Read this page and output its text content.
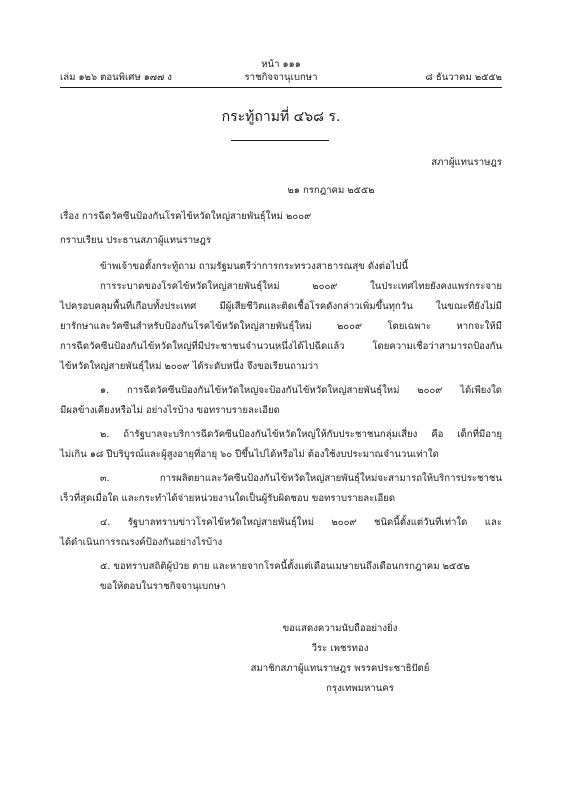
หน้า ๑๑๑
เล่ม ๑๒๖ ตอนพิเศษ ๑๗๗ ง	ราชกิจจานุเบกษา	๘ ธันวาคม ๒๕๕๒
กระทู้ถามที่ ๔๖๘ ร.
สภาผู้แทนราษฎร
๒๑ กรกฎาคม ๒๕๕๒
เรื่อง การฉีดวัคซีนป้องกันโรคไข้หวัดใหญ่สายพันธุ์ใหม่ ๒๐๐๙
กราบเรียน ประธานสภาผู้แทนราษฎร
ข้าพเจ้าขอตั้งกระทู้ถาม ถามรัฐมนตรีว่าการกระทรวงสาธารณสุข ดังต่อไปนี้
การระบาดของโรคไข้หวัดใหญ่สายพันธุ์ใหม่ ๒๐๐๙ ในประเทศไทยยังคงแพร่กระจาย
ไปครอบคลุมพื้นที่เกือบทั้งประเทศ มีผู้เสียชีวิตและติดเชื้อโรคดังกล่าวเพิ่มขึ้นทุกวัน ในขณะที่ยังไม่มี
ยารักษาและวัคซีนสำหรับป้องกันโรคไข้หวัดใหญ่สายพันธุ์ใหม่ ๒๐๐๙ โดยเฉพาะ หากจะให้มี
การฉีดวัคซีนป้องกันไข้หวัดใหญ่ที่มีประชาชนจำนวนหนึ่งได้ไปฉีดแล้ว โดยความเชื่อว่าสามารถป้องกัน
ไข้หวัดใหญ่สายพันธุ์ใหม่ ๒๐๐๙ ได้ระดับหนึ่ง จึงขอเรียนถามว่า
๑. การฉีดวัคซีนป้องกันไข้หวัดใหญ่จะป้องกันไข้หวัดใหญ่สายพันธุ์ใหม่ ๒๐๐๙ ได้เพียงใด
มีผลข้างเคียงหรือไม่ อย่างไรบ้าง ขอทราบรายละเอียด
๒. ถ้ารัฐบาลจะบริการฉีดวัคซีนป้องกันไข้หวัดใหญ่ให้กับประชาชนกลุ่มเสี่ยง คือ เด็กที่มีอายุ
ไม่เกิน ๑๘ ปีบริบูรณ์และผู้สูงอายุที่อายุ ๖๐ ปีขึ้นไปได้หรือไม่ ต้องใช้งบประมาณจำนวนเท่าใด
๓. การผลิตยาและวัคซีนป้องกันไข้หวัดใหญ่สายพันธุ์ใหม่จะสามารถให้บริการประชาชน
เร็วที่สุดเมื่อใด และกระทำได้จ่ายหน่วยงานใดเป็นผู้รับผิดชอบ ขอทราบรายละเอียด
๔. รัฐบาลทราบข่าวโรคไข้หวัดใหญ่สายพันธุ์ใหม่ ๒๐๐๙ ชนิดนี้ตั้งแต่วันที่เท่าใด และ
ได้ดำเนินการรณรงค์ป้องกันอย่างไรบ้าง
๕. ขอทราบสถิติผู้ป่วย ตาย และหายจากโรคนี้ตั้งแต่เดือนเมษายนถึงเดือนกรกฎาคม ๒๕๕๒
ขอให้ตอบในราชกิจจานุเบกษา
ขอแสดงความนับถืออย่างยิ่ง
วีระ เพชรทอง
สมาชิกสภาผู้แทนราษฎร พรรคประชาธิปัตย์
กรุงเทพมหานคร
